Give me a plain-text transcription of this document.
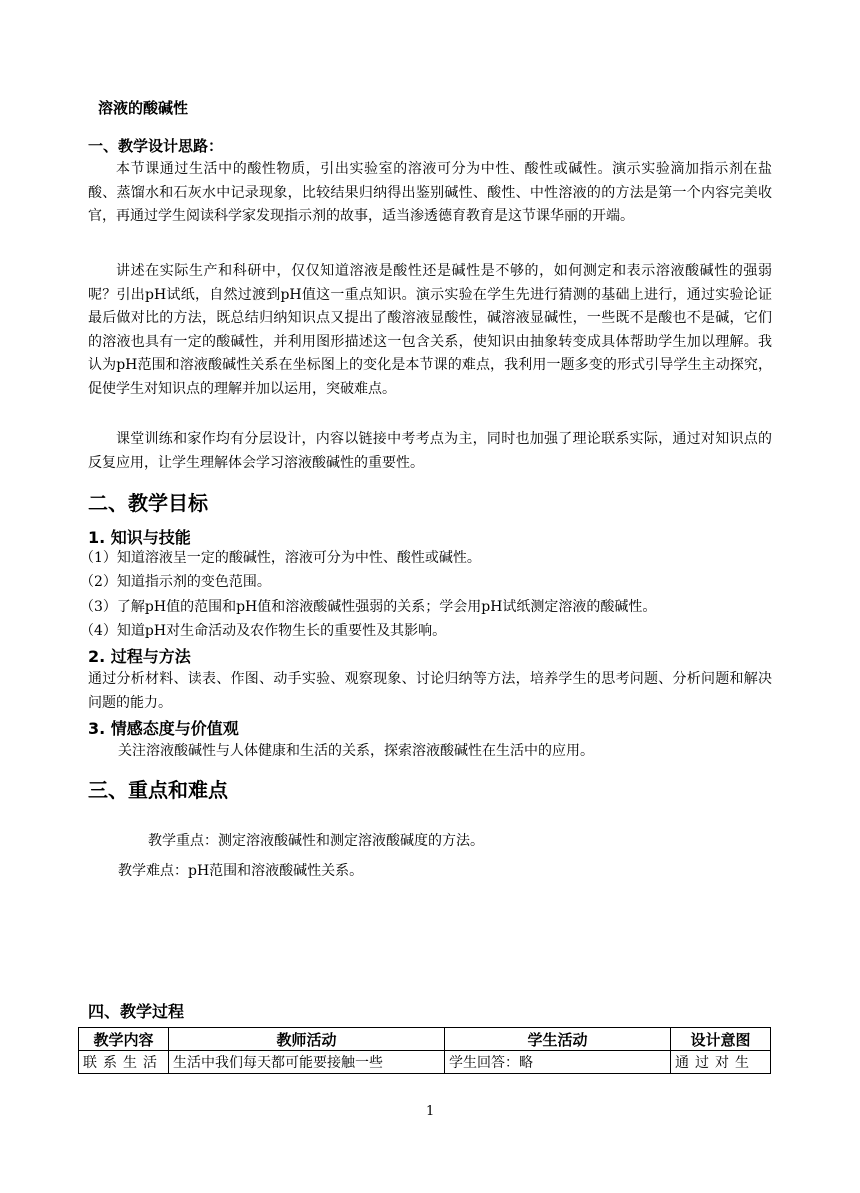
溶液的酸碱性
一、教学设计思路：
本节课通过生活中的酸性物质，引出实验室的溶液可分为中性、酸性或碱性。演示实验滴加指示剂在盐酸、蒸馏水和石灰水中记录现象，比较结果归纳得出鉴别碱性、酸性、中性溶液的的方法是第一个内容完美收官，再通过学生阅读科学家发现指示剂的故事，适当渗透德育教育是这节课华丽的开端。
讲述在实际生产和科研中，仅仅知道溶液是酸性还是碱性是不够的，如何测定和表示溶液酸碱性的强弱呢？引出pH试纸，自然过渡到pH值这一重点知识。演示实验在学生先进行猜测的基础上进行，通过实验论证最后做对比的方法，既总结归纳知识点又提出了酸溶液显酸性，碱溶液显碱性，一些既不是酸也不是碱，它们的溶液也具有一定的酸碱性，并利用图形描述这一包含关系，使知识由抽象转变成具体帮助学生加以理解。我认为pH范围和溶液酸碱性关系在坐标图上的变化是本节课的难点，我利用一题多变的形式引导学生主动探究，促使学生对知识点的理解并加以运用，突破难点。
课堂训练和家作均有分层设计，内容以链接中考考点为主，同时也加强了理论联系实际，通过对知识点的反复应用，让学生理解体会学习溶液酸碱性的重要性。
二、教学目标
1. 知识与技能
（1）知道溶液呈一定的酸碱性，溶液可分为中性、酸性或碱性。
（2）知道指示剂的变色范围。
（3）了解pH值的范围和pH值和溶液酸碱性强弱的关系；学会用pH试纸测定溶液的酸碱性。
（4）知道pH对生命活动及农作物生长的重要性及其影响。
2. 过程与方法
通过分析材料、读表、作图、动手实验、观察现象、讨论归纳等方法，培养学生的思考问题、分析问题和解决问题的能力。
3. 情感态度与价值观
关注溶液酸碱性与人体健康和生活的关系，探索溶液酸碱性在生活中的应用。
三、重点和难点
教学重点：测定溶液酸碱性和测定溶液酸碱度的方法。
教学难点：pH范围和溶液酸碱性关系。
四、教学过程
教学内容	教师活动	学生活动	设计意图
联系生活	生活中我们每天都可能要接触一些	学生回答：略	通过对生
1
